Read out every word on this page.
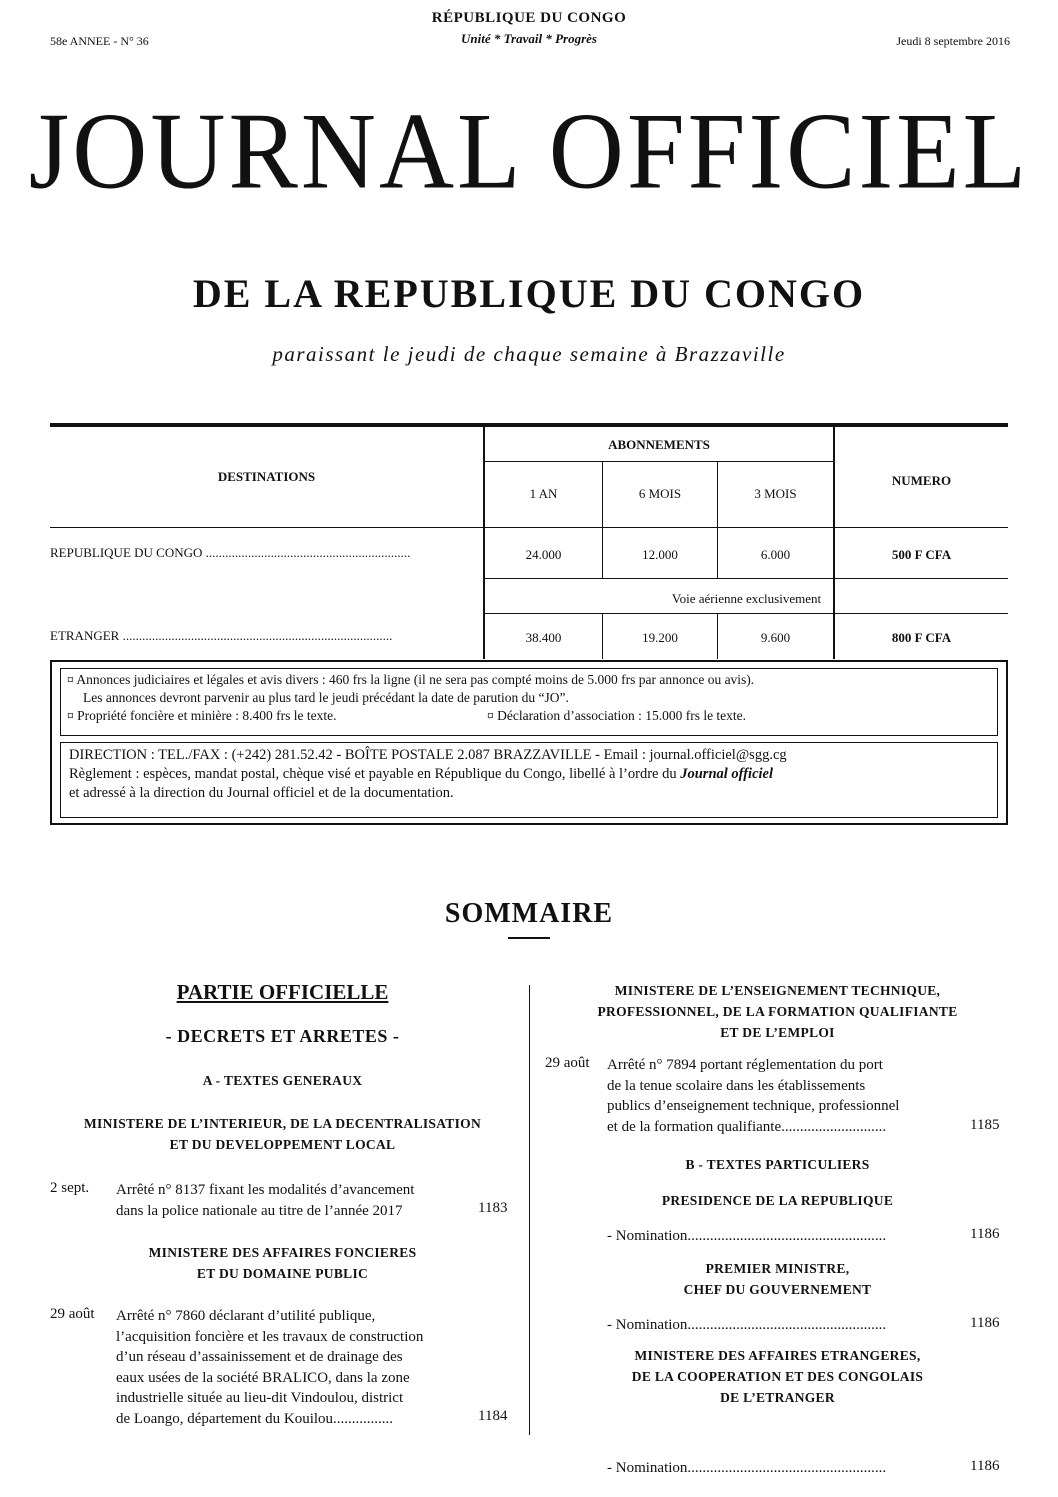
58e ANNEE - N° 36
RÉPUBLIQUE DU CONGO
Unité * Travail * Progrès	Jeudi 8 septembre 2016
JOURNAL OFFICIEL
DE LA REPUBLIQUE DU CONGO
paraissant le jeudi de chaque semaine à Brazzaville
DESTINATIONS
ABONNEMENTS
NUMERO
1 AN	6 MOIS	3 MOIS
REPUBLIQUE DU CONGO ...............................................................	24.000	12.000	6.000	500 F CFA
Voie aérienne exclusivement
ETRANGER ...................................................................................	38.400	19.200	9.600	800 F CFA
¤ Annonces judiciaires et légales et avis divers : 460 frs la ligne (il ne sera pas compté moins de 5.000 frs par annonce ou avis).
Les annonces devront parvenir au plus tard le jeudi précédant la date de parution du “JO”.
¤ Propriété foncière et minière : 8.400 frs le texte.	¤ Déclaration d’association : 15.000 frs le texte.
DIRECTION : TEL./FAX : (+242) 281.52.42 - BOÎTE POSTALE 2.087 BRAZZAVILLE - Email : journal.officiel@sgg.cg
Règlement : espèces, mandat postal, chèque visé et payable en République du Congo, libellé à l’ordre du Journal officiel
et adressé à la direction du Journal officiel et de la documentation.
SOMMAIRE
PARTIE OFFICIELLE
- DECRETS ET ARRETES -
A - TEXTES GENERAUX
MINISTERE DE L’INTERIEUR, DE LA DECENTRALISATION
ET DU DEVELOPPEMENT LOCAL
2 sept. Arrêté n° 8137 fixant les modalités d’avancement
dans la police nationale au titre de l’année 2017	1183
MINISTERE DES AFFAIRES FONCIERES
ET DU DOMAINE PUBLIC
29 août Arrêté n° 7860 déclarant d’utilité publique,
l’acquisition foncière et les travaux de construction
d’un réseau d’assainissement et de drainage des
eaux usées de la société BRALICO, dans la zone
industrielle située au lieu-dit Vindoulou, district
de Loango, département du Kouilou................	1184
MINISTERE DE L’ENSEIGNEMENT TECHNIQUE,
PROFESSIONNEL, DE LA FORMATION QUALIFIANTE
ET DE L’EMPLOI
29 août Arrêté n° 7894 portant réglementation du port
de la tenue scolaire dans les établissements
publics d’enseignement technique, professionnel
et de la formation qualifiante............................	1185
B - TEXTES PARTICULIERS
PRESIDENCE DE LA REPUBLIQUE
- Nomination.....................................................	1186
PREMIER MINISTRE,
CHEF DU GOUVERNEMENT
- Nomination.....................................................	1186
MINISTERE DES AFFAIRES ETRANGERES,
DE LA COOPERATION ET DES CONGOLAIS
DE L’ETRANGER
- Nomination.....................................................	1186
